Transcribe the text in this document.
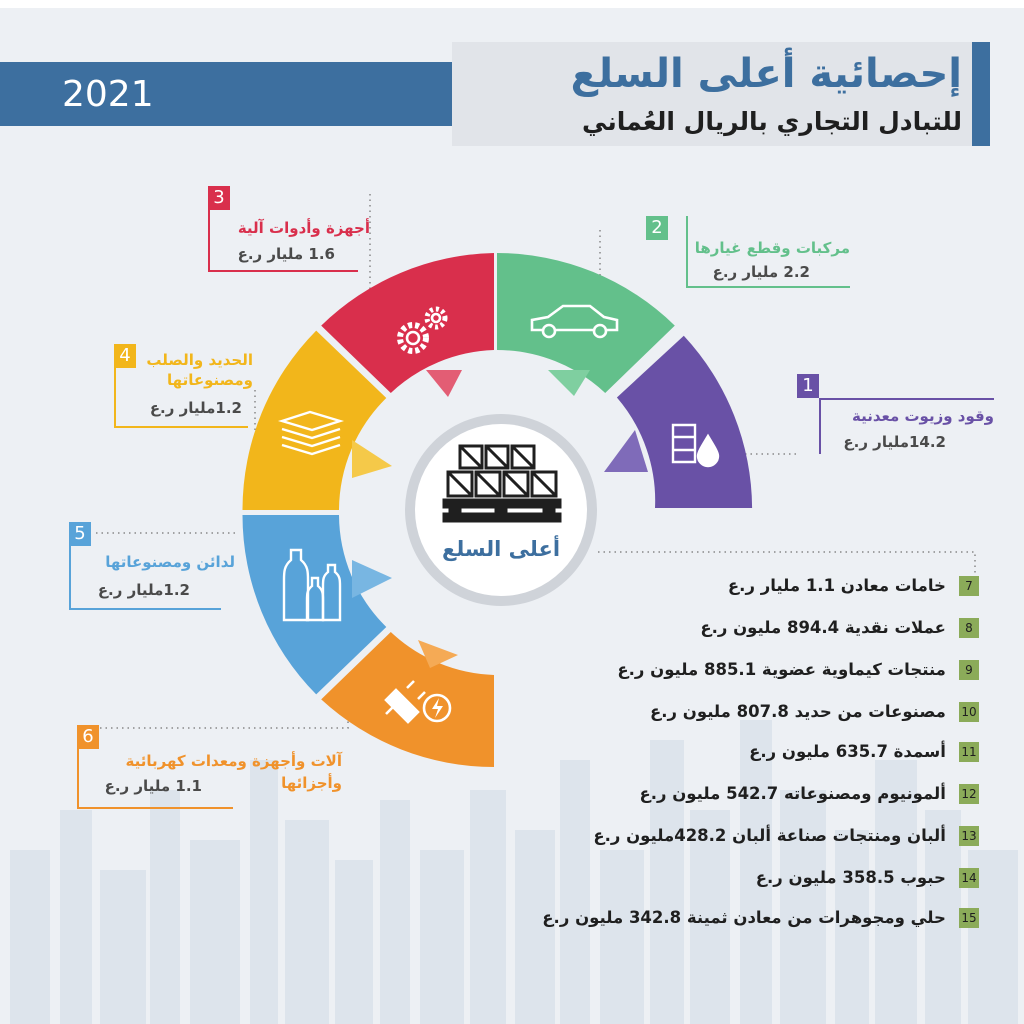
2021	إحصائية أعلى السلع
للتبادل التجاري بالريال العُماني
أعلى السلع
3
أجهزة وأدوات آلية
1.6 مليار ر.ع
2
مركبات وقطع غيارها
2.2 مليار ر.ع
1
وقود وزيوت معدنية
14.2مليار ر.ع
4	الحديد والصلب ومصنوعاتها
1.2مليار ر.ع
5
لدائن ومصنوعاتها
1.2مليار ر.ع
6
آلات وأجهزة ومعدات كهربائية وأجزائها
1.1 مليار ر.ع
خامات معادن 1.1 مليار ر.ع 7
عملات نقدية 894.4 مليون ر.ع 8
منتجات كيماوية عضوية 885.1 مليون ر.ع 9
مصنوعات من حديد 807.8 مليون ر.ع 10
أسمدة 635.7 مليون ر.ع 11
ألمونيوم ومصنوعاته 542.7 مليون ر.ع 12
ألبان ومنتجات صناعة ألبان 428.2مليون ر.ع 13
حبوب 358.5 مليون ر.ع 14
حلي ومجوهرات من معادن ثمينة 342.8 مليون ر.ع 15
